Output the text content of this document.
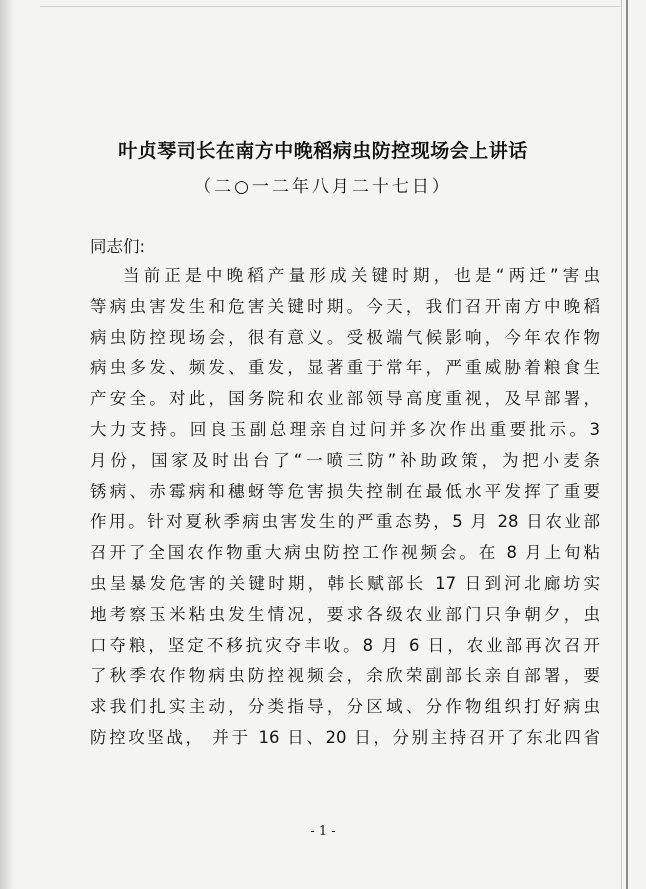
叶贞琴司长在南方中晚稻病虫防控现场会上讲话

（二○一二年八月二十七日）

同志们:

当前正是中晚稻产量形成关键时期，也是“两迁”害虫
等病虫害发生和危害关键时期。今天，我们召开南方中晚稻
病虫防控现场会，很有意义。受极端气候影响，今年农作物
病虫多发、频发、重发，显著重于常年，严重威胁着粮食生
产安全。对此，国务院和农业部领导高度重视，及早部署，
大力支持。回良玉副总理亲自过问并多次作出重要批示。3
月份，国家及时出台了“一喷三防”补助政策，为把小麦条
锈病、赤霉病和穗蚜等危害损失控制在最低水平发挥了重要
作用。针对夏秋季病虫害发生的严重态势，5 月 28 日农业部
召开了全国农作物重大病虫防控工作视频会。在 8 月上旬粘
虫呈暴发危害的关键时期，韩长赋部长 17 日到河北廊坊实
地考察玉米粘虫发生情况，要求各级农业部门只争朝夕，虫
口夺粮，坚定不移抗灾夺丰收。8 月 6 日，农业部再次召开
了秋季农作物病虫防控视频会，余欣荣副部长亲自部署，要
求我们扎实主动，分类指导，分区域、分作物组织打好病虫
防控攻坚战， 并于 16 日、20 日，分别主持召开了东北四省

- 1 -
